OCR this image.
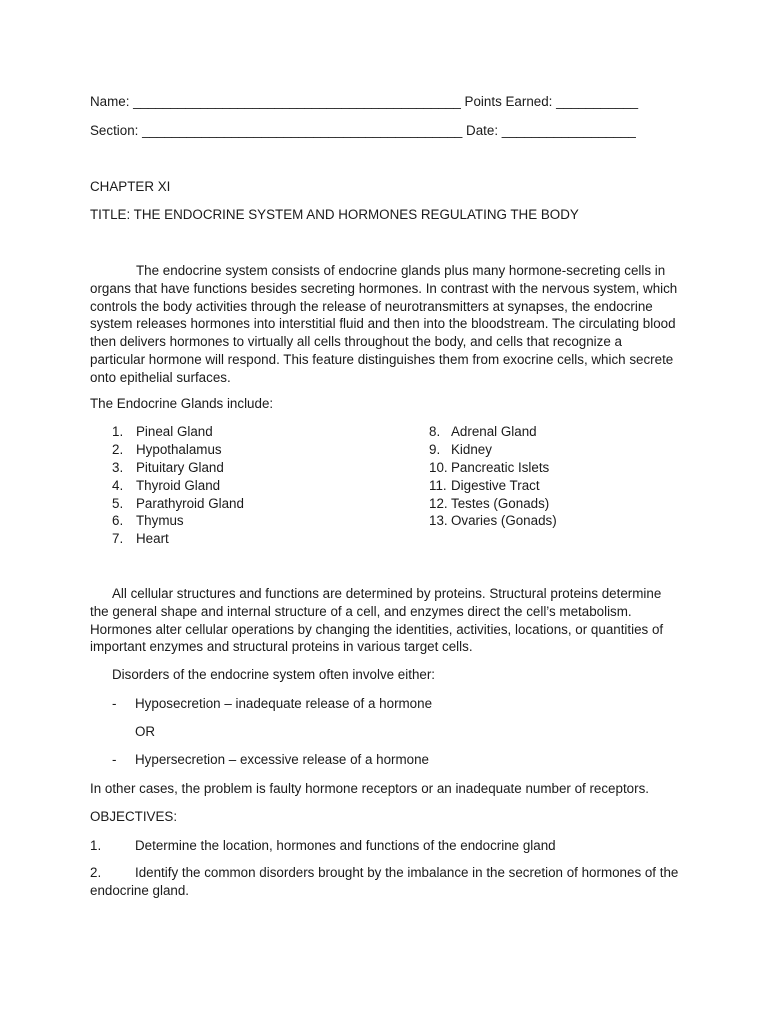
Name: ____________________________________________ Points Earned: ___________
Section: ___________________________________________ Date: __________________
CHAPTER XI
TITLE: THE ENDOCRINE SYSTEM AND HORMONES REGULATING THE BODY
The endocrine system consists of endocrine glands plus many hormone-secreting cells in organs that have functions besides secreting hormones. In contrast with the nervous system, which controls the body activities through the release of neurotransmitters at synapses, the endocrine system releases hormones into interstitial fluid and then into the bloodstream. The circulating blood then delivers hormones to virtually all cells throughout the body, and cells that recognize a particular hormone will respond. This feature distinguishes them from exocrine cells, which secrete onto epithelial surfaces.
The Endocrine Glands include:
1. Pineal Gland
2. Hypothalamus
3. Pituitary Gland
4. Thyroid Gland
5. Parathyroid Gland
6. Thymus
7. Heart
8. Adrenal Gland
9. Kidney
10. Pancreatic Islets
11. Digestive Tract
12. Testes (Gonads)
13. Ovaries (Gonads)
All cellular structures and functions are determined by proteins. Structural proteins determine the general shape and internal structure of a cell, and enzymes direct the cell’s metabolism. Hormones alter cellular operations by changing the identities, activities, locations, or quantities of important enzymes and structural proteins in various target cells.
Disorders of the endocrine system often involve either:
- Hyposecretion – inadequate release of a hormone
OR
- Hypersecretion – excessive release of a hormone
In other cases, the problem is faulty hormone receptors or an inadequate number of receptors.
OBJECTIVES:
1.	Determine the location, hormones and functions of the endocrine gland
2.	Identify the common disorders brought by the imbalance in the secretion of hormones of the endocrine gland.
